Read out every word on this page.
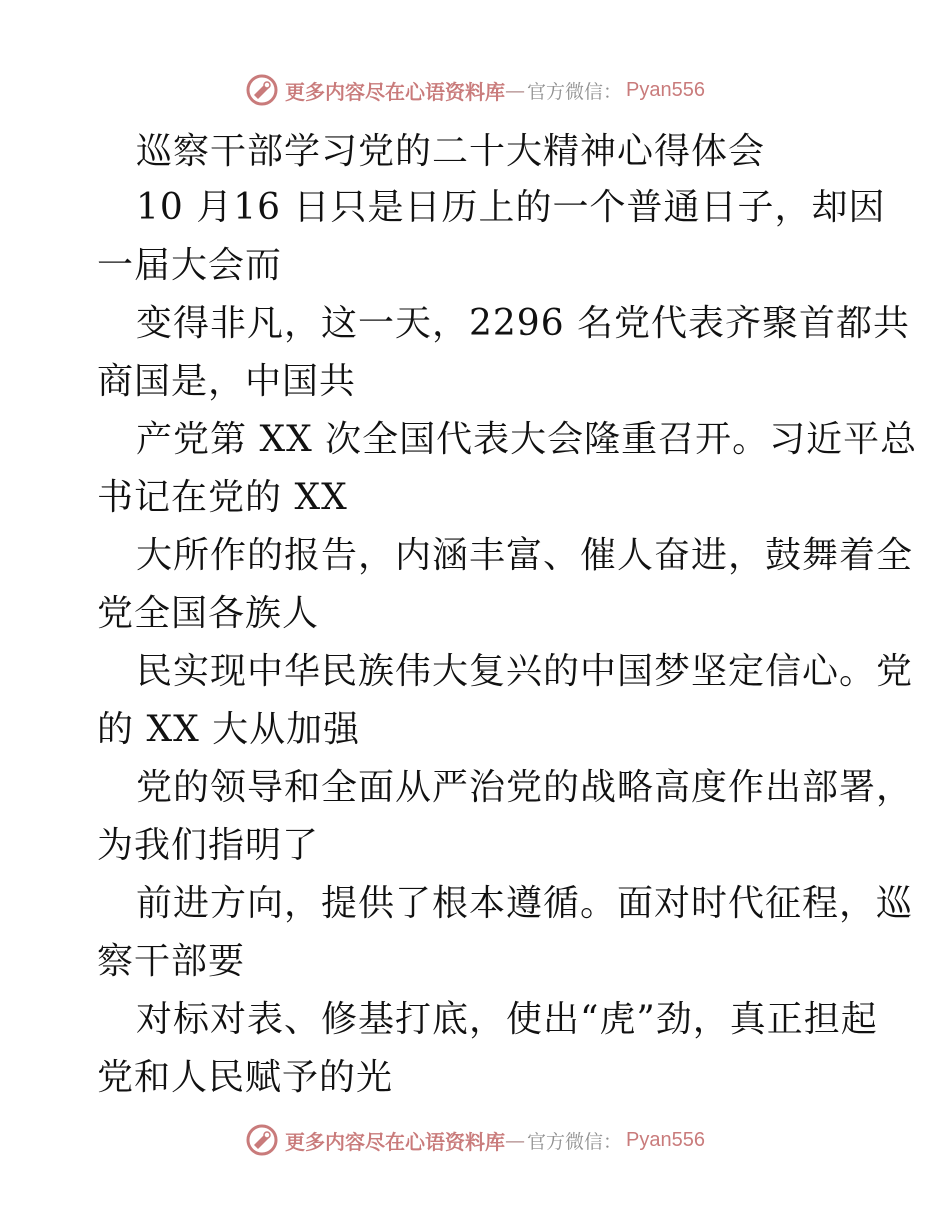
更多内容尽在心语资料库 — 官方微信： Pyan556
巡察干部学习党的二十大精神心得体会
10 月16 日只是日历上的一个普通日子，却因
一届大会而
变得非凡，这一天，2296 名党代表齐聚首都共
商国是，中国共
产党第 XX 次全国代表大会隆重召开。习近平总
书记在党的 XX
大所作的报告，内涵丰富、催人奋进，鼓舞着全
党全国各族人
民实现中华民族伟大复兴的中国梦坚定信心。党
的 XX 大从加强
党的领导和全面从严治党的战略高度作出部署，
为我们指明了
前进方向，提供了根本遵循。面对时代征程，巡
察干部要
对标对表、修基打底，使出“虎”劲，真正担起
党和人民赋予的光
更多内容尽在心语资料库 — 官方微信： Pyan556
